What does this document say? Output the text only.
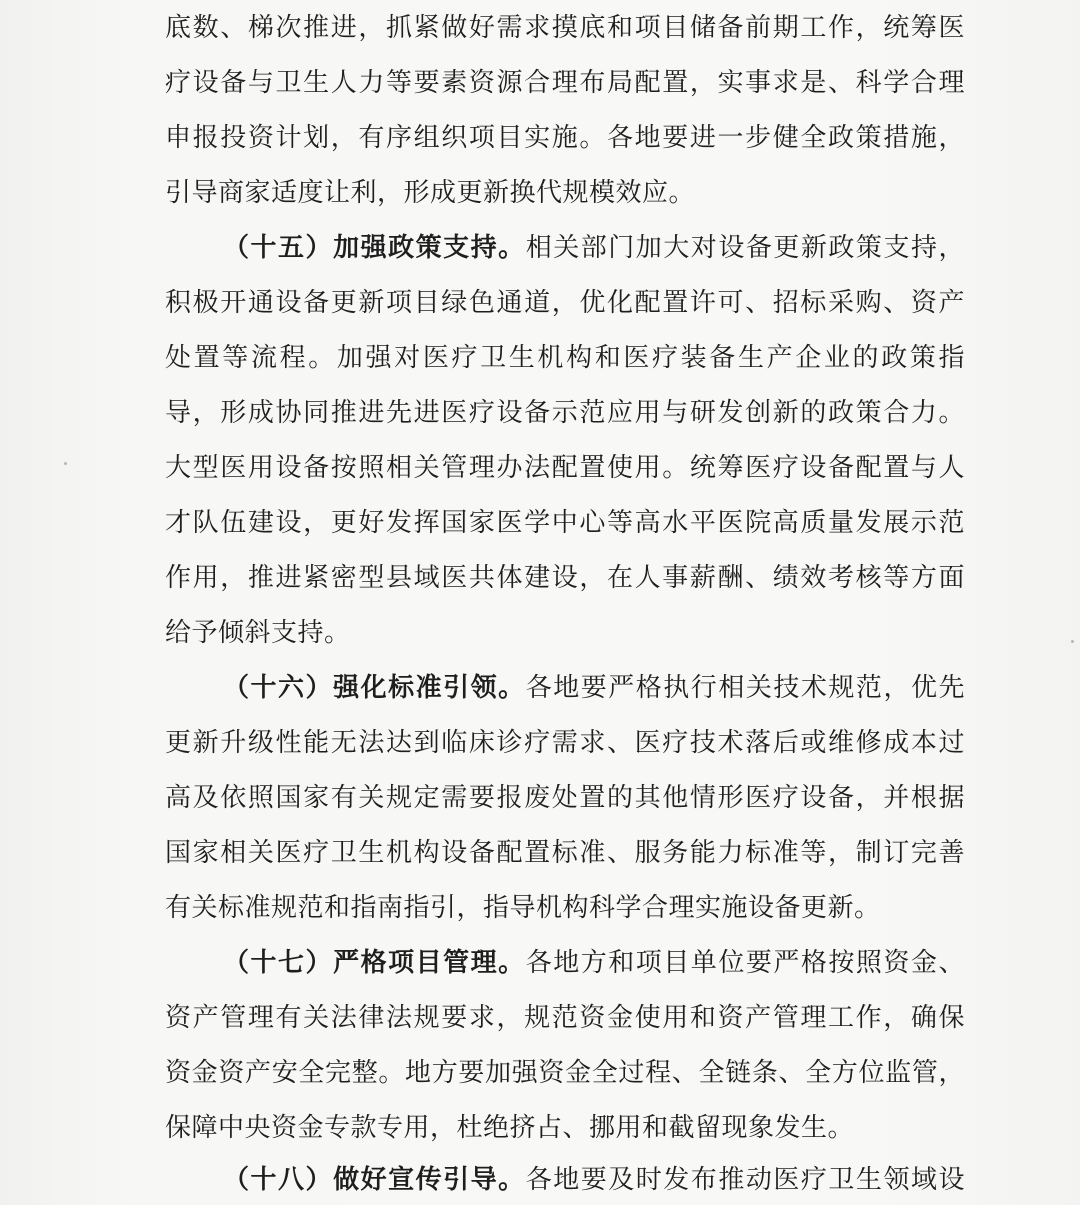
底数、梯次推进，抓紧做好需求摸底和项目储备前期工作，统筹医
疗设备与卫生人力等要素资源合理布局配置，实事求是、科学合理
申报投资计划，有序组织项目实施。各地要进一步健全政策措施，
引导商家适度让利，形成更新换代规模效应。
（十五）加强政策支持。相关部门加大对设备更新政策支持，
积极开通设备更新项目绿色通道，优化配置许可、招标采购、资产
处置等流程。加强对医疗卫生机构和医疗装备生产企业的政策指
导，形成协同推进先进医疗设备示范应用与研发创新的政策合力。
大型医用设备按照相关管理办法配置使用。统筹医疗设备配置与人
才队伍建设，更好发挥国家医学中心等高水平医院高质量发展示范
作用，推进紧密型县域医共体建设，在人事薪酬、绩效考核等方面
给予倾斜支持。
（十六）强化标准引领。各地要严格执行相关技术规范，优先
更新升级性能无法达到临床诊疗需求、医疗技术落后或维修成本过
高及依照国家有关规定需要报废处置的其他情形医疗设备，并根据
国家相关医疗卫生机构设备配置标准、服务能力标准等，制订完善
有关标准规范和指南指引，指导机构科学合理实施设备更新。
（十七）严格项目管理。各地方和项目单位要严格按照资金、
资产管理有关法律法规要求，规范资金使用和资产管理工作，确保
资金资产安全完整。地方要加强资金全过程、全链条、全方位监管，
保障中央资金专款专用，杜绝挤占、挪用和截留现象发生。
（十八）做好宣传引导。各地要及时发布推动医疗卫生领域设
